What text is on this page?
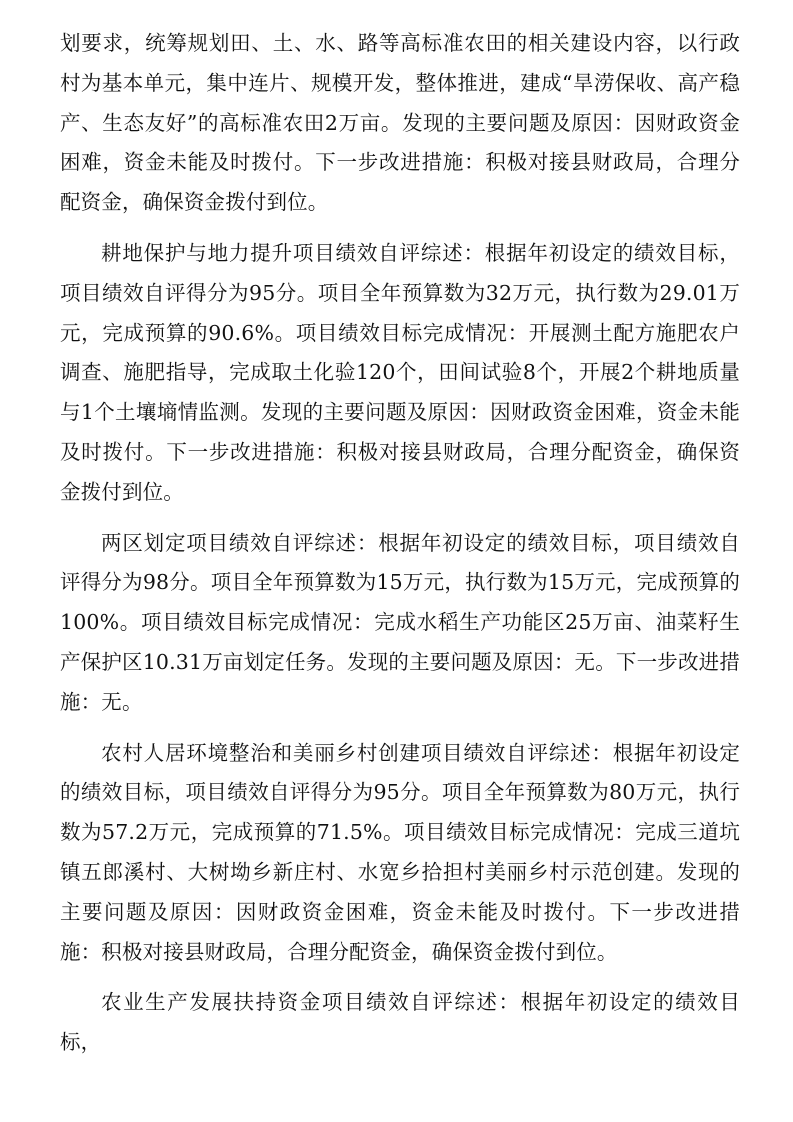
划要求，统筹规划田、土、水、路等高标准农田的相关建设内容，以行政村为基本单元，集中连片、规模开发，整体推进，建成“旱涝保收、高产稳产、生态友好”的高标准农田2万亩。发现的主要问题及原因：因财政资金困难，资金未能及时拨付。下一步改进措施：积极对接县财政局，合理分配资金，确保资金拨付到位。

耕地保护与地力提升项目绩效自评综述：根据年初设定的绩效目标，项目绩效自评得分为95分。项目全年预算数为32万元，执行数为29.01万元，完成预算的90.6%。项目绩效目标完成情况：开展测土配方施肥农户调查、施肥指导，完成取土化验120个，田间试验8个，开展2个耕地质量与1个土壤墒情监测。发现的主要问题及原因：因财政资金困难，资金未能及时拨付。下一步改进措施：积极对接县财政局，合理分配资金，确保资金拨付到位。

两区划定项目绩效自评综述：根据年初设定的绩效目标，项目绩效自评得分为98分。项目全年预算数为15万元，执行数为15万元，完成预算的100%。项目绩效目标完成情况：完成水稻生产功能区25万亩、油菜籽生产保护区10.31万亩划定任务。发现的主要问题及原因：无。下一步改进措施：无。

农村人居环境整治和美丽乡村创建项目绩效自评综述：根据年初设定的绩效目标，项目绩效自评得分为95分。项目全年预算数为80万元，执行数为57.2万元，完成预算的71.5%。项目绩效目标完成情况：完成三道坑镇五郎溪村、大树坳乡新庄村、水宽乡拾担村美丽乡村示范创建。发现的主要问题及原因：因财政资金困难，资金未能及时拨付。下一步改进措施：积极对接县财政局，合理分配资金，确保资金拨付到位。

农业生产发展扶持资金项目绩效自评综述：根据年初设定的绩效目标，
